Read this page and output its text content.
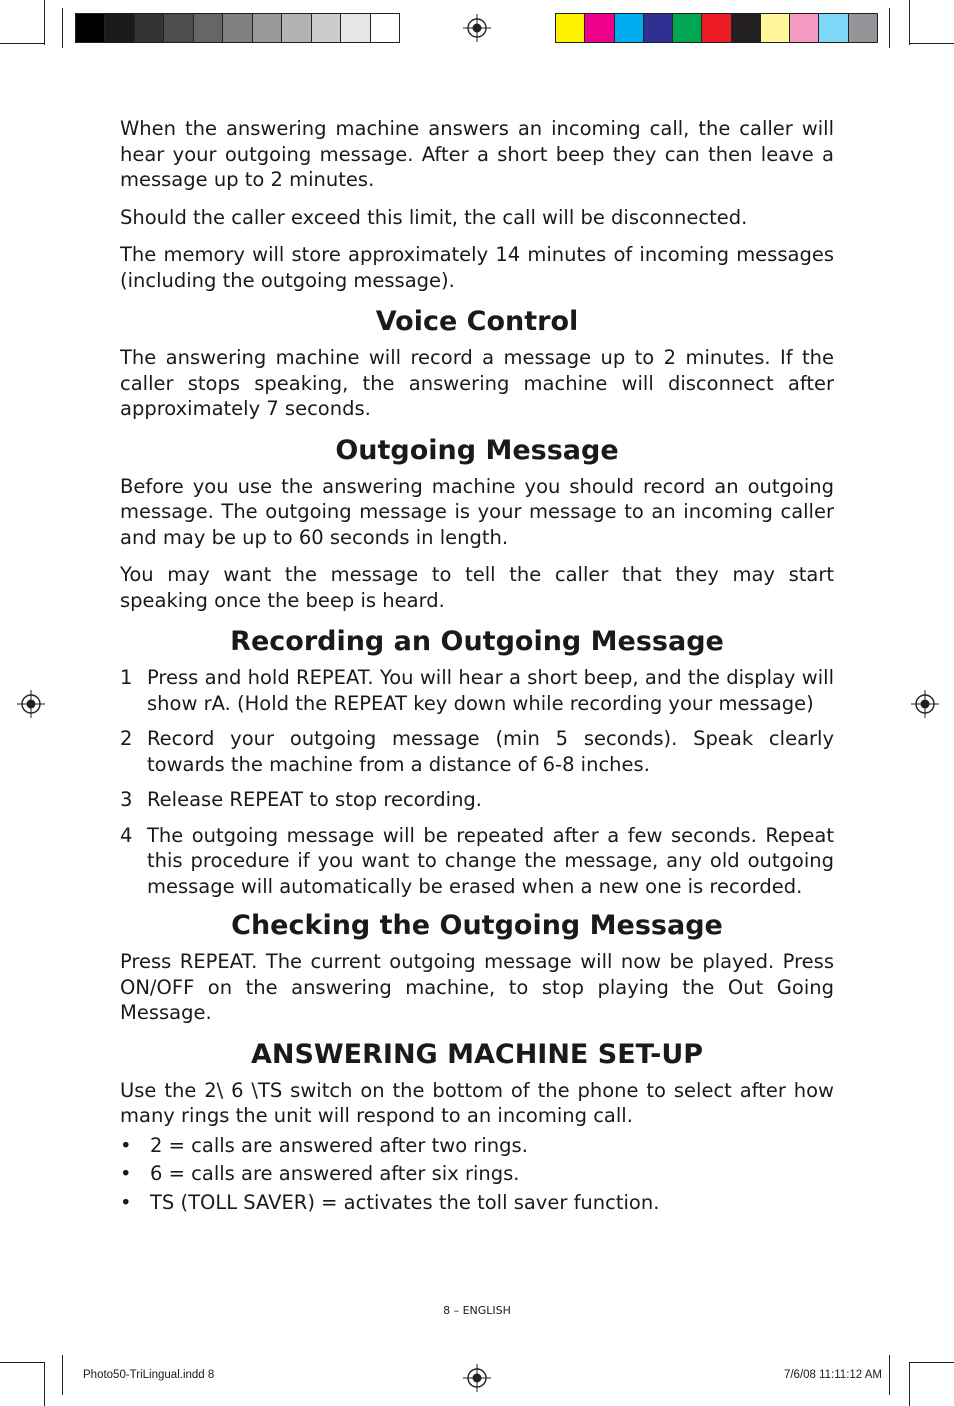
When the answering machine answers an incoming call, the caller will hear your outgoing message. After a short beep they can then leave a message up to 2 minutes.

Should the caller exceed this limit, the call will be disconnected.

The memory will store approximately 14 minutes of incoming messages (including the outgoing message).

Voice Control

The answering machine will record a message up to 2 minutes. If the caller stops speaking, the answering machine will disconnect after approximately 7 seconds.

Outgoing Message

Before you use the answering machine you should record an outgoing message. The outgoing message is your message to an incoming caller and may be up to 60 seconds in length.

You may want the message to tell the caller that they may start speaking once the beep is heard.

Recording an Outgoing Message
1 Press and hold REPEAT. You will hear a short beep, and the display will show rA. (Hold the REPEAT key down while recording your message)
2 Record your outgoing message (min 5 seconds). Speak clearly towards the machine from a distance of 6-8 inches.
3 Release REPEAT to stop recording.
4 The outgoing message will be repeated after a few seconds. Repeat this procedure if you want to change the message, any old outgoing message will automatically be erased when a new one is recorded.
Checking the Outgoing Message

Press REPEAT. The current outgoing message will now be played. Press ON/OFF on the answering machine, to stop playing the Out Going Message.

ANSWERING MACHINE SET-UP

Use the 2\ 6 \TS switch on the bottom of the phone to select after how many rings the unit will respond to an incoming call.

• 2 = calls are answered after two rings.
• 6 = calls are answered after six rings.
• TS (TOLL SAVER) = activates the toll saver function.
8 – ENGLISH
Photo50-TriLingual.indd 8	7/6/08 11:11:12 AM
